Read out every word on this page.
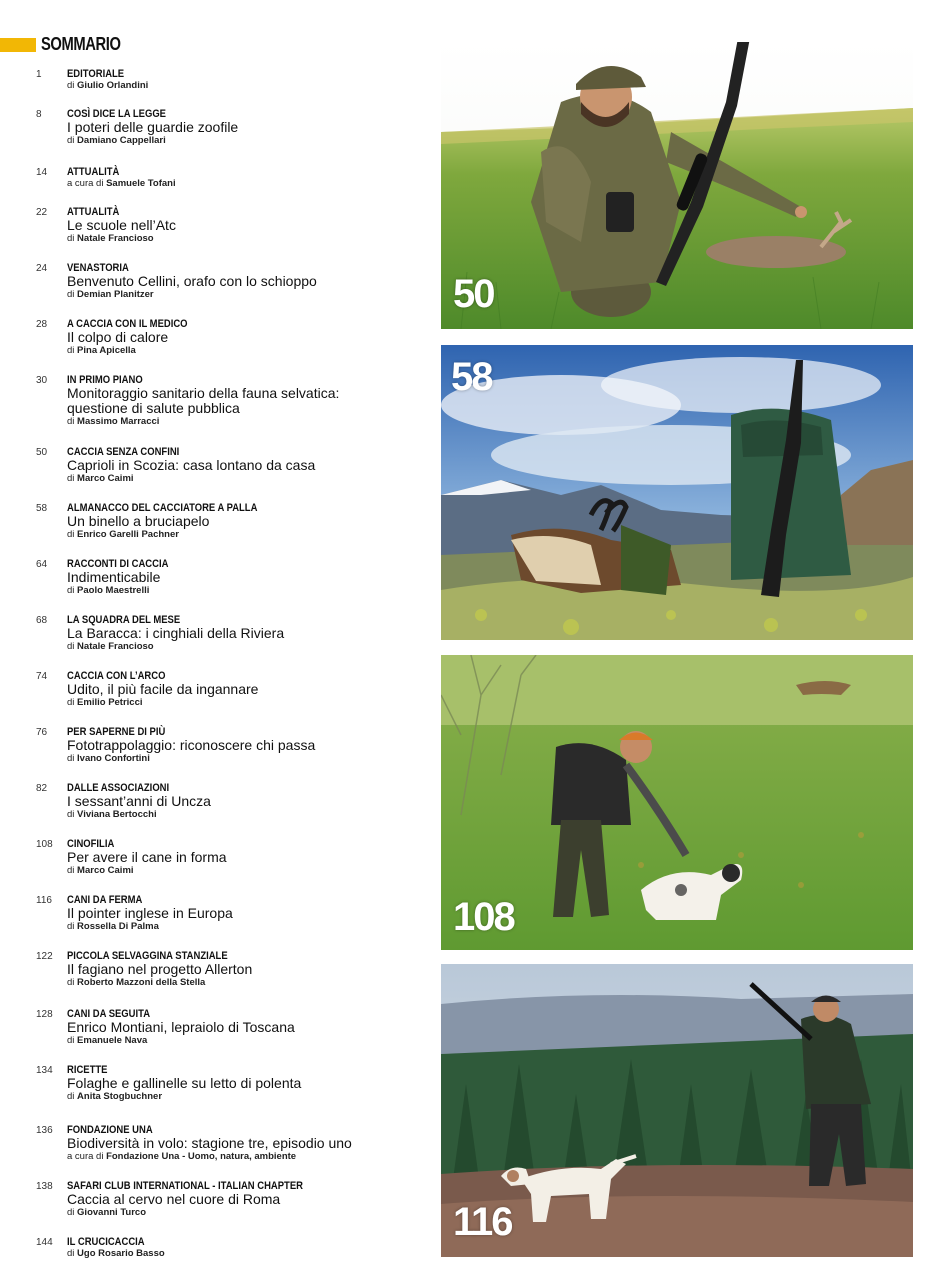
SOMMARIO
1	EDITORIALE
di Giulio Orlandini
8	COSÌ DICE LA LEGGE
I poteri delle guardie zoofile
di Damiano Cappellari
14	ATTUALITÀ
a cura di Samuele Tofani
22	ATTUALITÀ
Le scuole nell’Atc
di Natale Francioso
24	VENASTORIA
Benvenuto Cellini, orafo con lo schioppo
di Demian Planitzer
28	A CACCIA CON IL MEDICO
Il colpo di calore
di Pina Apicella
30	IN PRIMO PIANO
Monitoraggio sanitario della fauna selvatica:
questione di salute pubblica
di Massimo Marracci
50	CACCIA SENZA CONFINI
Caprioli in Scozia: casa lontano da casa
di Marco Caimi
58	ALMANACCO DEL CACCIATORE A PALLA
Un binello a bruciapelo
di Enrico Garelli Pachner
64	RACCONTI DI CACCIA
Indimenticabile
di Paolo Maestrelli
68	LA SQUADRA DEL MESE
La Baracca: i cinghiali della Riviera
di Natale Francioso
74	CACCIA CON L’ARCO
Udito, il più facile da ingannare
di Emilio Petricci
76	PER SAPERNE DI PIÙ
Fototrappolaggio: riconoscere chi passa
di Ivano Confortini
82	DALLE ASSOCIAZIONI
I sessant’anni di Uncza
di Viviana Bertocchi
108	CINOFILIA
Per avere il cane in forma
di Marco Caimi
116	CANI DA FERMA
Il pointer inglese in Europa
di Rossella Di Palma
122	PICCOLA SELVAGGINA STANZIALE
Il fagiano nel progetto Allerton
di Roberto Mazzoni della Stella
128	CANI DA SEGUITA
Enrico Montiani, lepraiolo di Toscana
di Emanuele Nava
134	RICETTE
Folaghe e gallinelle su letto di polenta
di Anita Stogbuchner
136	FONDAZIONE UNA
Biodiversità in volo: stagione tre, episodio uno
a cura di Fondazione Una - Uomo, natura, ambiente
138	SAFARI CLUB INTERNATIONAL - ITALIAN CHAPTER
Caccia al cervo nel cuore di Roma
di Giovanni Turco
144	IL CRUCICACCIA
di Ugo Rosario Basso
50
58
108
116
